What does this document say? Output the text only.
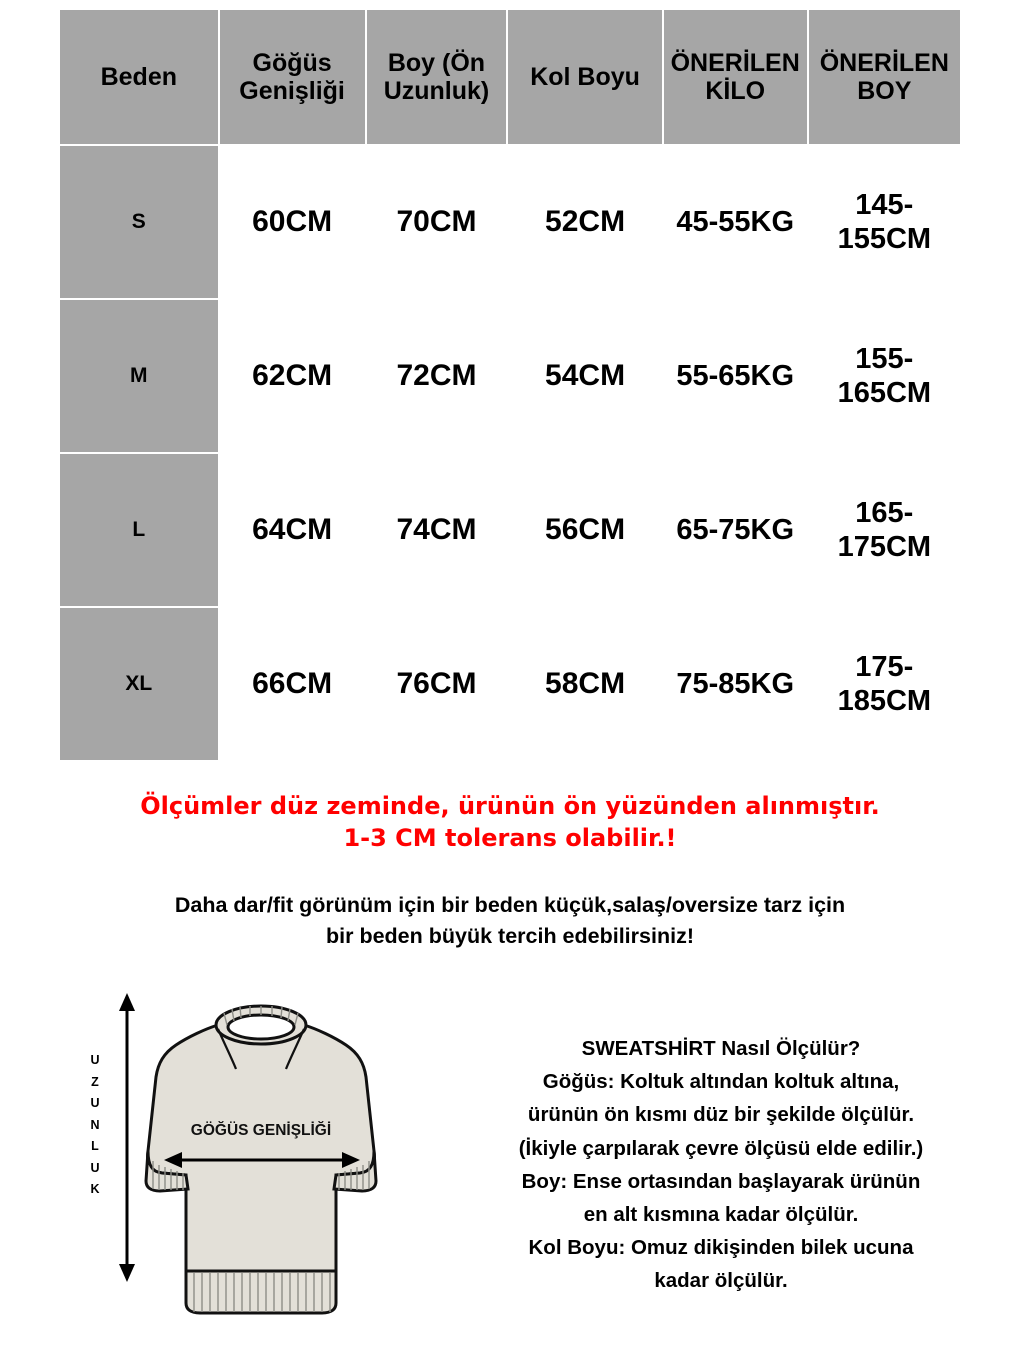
Beden	Göğüs Genişliği	Boy (Ön Uzunluk)	Kol Boyu	ÖNERİLEN KİLO	ÖNERİLEN BOY
S	60CM	70CM	52CM	45-55KG	145-155CM
M	62CM	72CM	54CM	55-65KG	155-165CM
L	64CM	74CM	56CM	65-75KG	165-175CM
XL	66CM	76CM	58CM	75-85KG	175-185CM
Ölçümler düz zeminde, ürünün ön yüzünden alınmıştır.
1-3 CM tolerans olabilir.!
Daha dar/fit görünüm için bir beden küçük,salaş/oversize tarz için
bir beden büyük tercih edebilirsiniz!
U
Z
U
N
L
U
K
GÖĞÜS GENİŞLİĞİ
SWEATSHİRT Nasıl Ölçülür?
Göğüs: Koltuk altından koltuk altına,
ürünün ön kısmı düz bir şekilde ölçülür.
(İkiyle çarpılarak çevre ölçüsü elde edilir.)
Boy: Ense ortasından başlayarak ürünün
en alt kısmına kadar ölçülür.
Kol Boyu: Omuz dikişinden bilek ucuna
kadar ölçülür.
